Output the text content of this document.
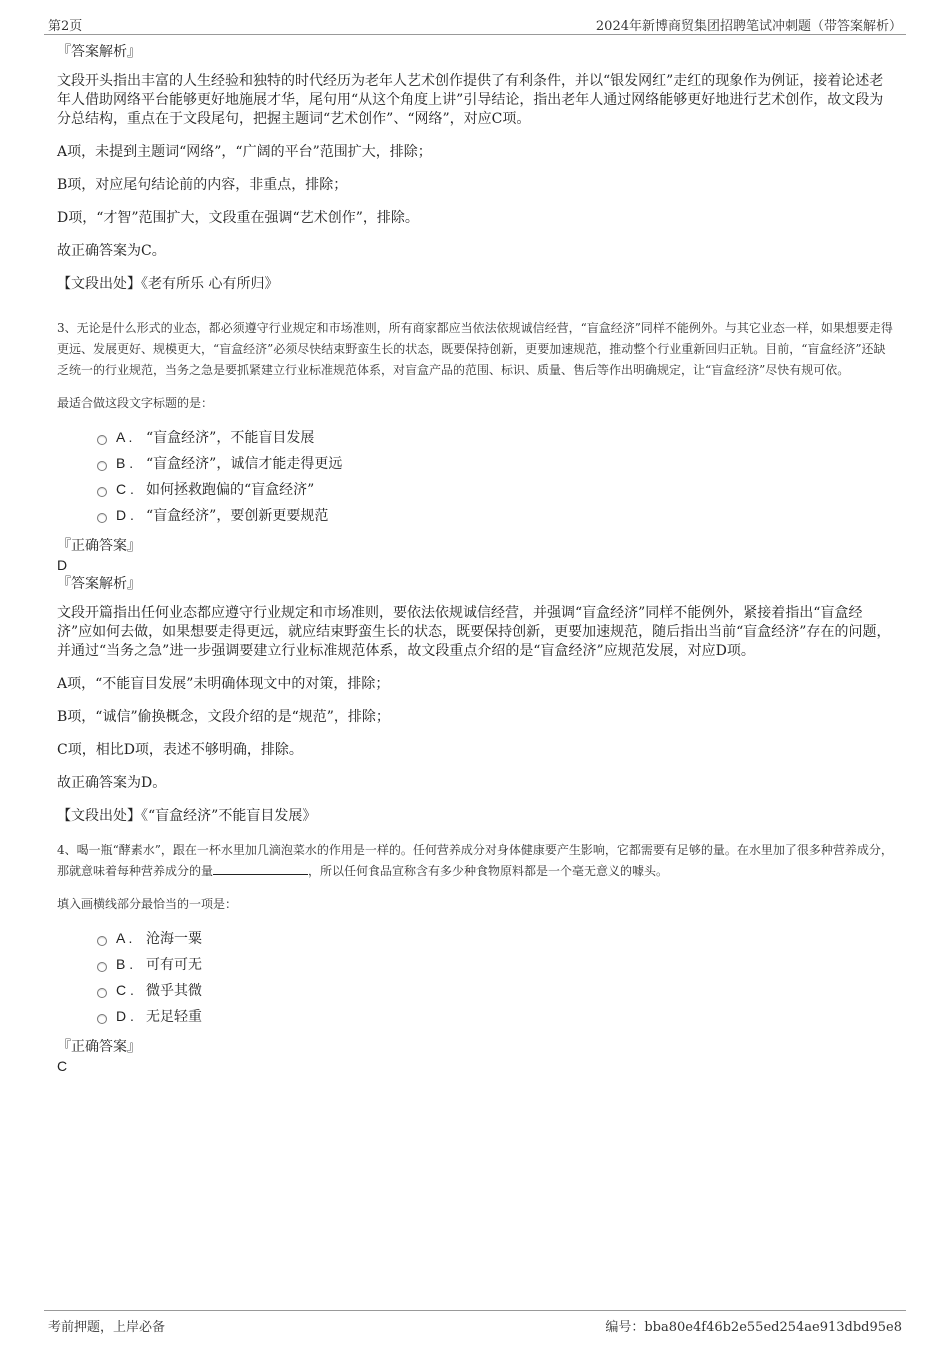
第2页	2024年新博商贸集团招聘笔试冲刺题（带答案解析）

『答案解析』

文段开头指出丰富的人生经验和独特的时代经历为老年人艺术创作提供了有利条件，并以“银发网红”走红的现象作为例证，接着论述老年人借助网络平台能够更好地施展才华，尾句用“从这个角度上讲”引导结论，指出老年人通过网络能够更好地进行艺术创作，故文段为分总结构，重点在于文段尾句，把握主题词“艺术创作”、“网络”，对应C项。

A项，未提到主题词“网络”，“广阔的平台”范围扩大，排除；

B项，对应尾句结论前的内容，非重点，排除；

D项，“才智”范围扩大，文段重在强调“艺术创作”，排除。

故正确答案为C。

【文段出处】《老有所乐 心有所归》

3、无论是什么形式的业态，都必须遵守行业规定和市场准则，所有商家都应当依法依规诚信经营，“盲盒经济”同样不能例外。与其它业态一样，如果想要走得更远、发展更好、规模更大，“盲盒经济”必须尽快结束野蛮生长的状态，既要保持创新，更要加速规范，推动整个行业重新回归正轨。目前，“盲盒经济”还缺乏统一的行业规范，当务之急是要抓紧建立行业标准规范体系，对盲盒产品的范围、标识、质量、售后等作出明确规定，让“盲盒经济”尽快有规可依。

最适合做这段文字标题的是：

A . “盲盒经济”，不能盲目发展
B . “盲盒经济”，诚信才能走得更远
C . 如何拯救跑偏的“盲盒经济”
D . “盲盒经济”，要创新更要规范

『正确答案』

D

『答案解析』

文段开篇指出任何业态都应遵守行业规定和市场准则，要依法依规诚信经营，并强调“盲盒经济”同样不能例外，紧接着指出“盲盒经济”应如何去做，如果想要走得更远，就应结束野蛮生长的状态，既要保持创新，更要加速规范，随后指出当前“盲盒经济”存在的问题，并通过“当务之急”进一步强调要建立行业标准规范体系，故文段重点介绍的是“盲盒经济”应规范发展，对应D项。

A项，“不能盲目发展”未明确体现文中的对策，排除；

B项，“诚信”偷换概念，文段介绍的是“规范”，排除；

C项，相比D项，表述不够明确，排除。

故正确答案为D。

【文段出处】《“盲盒经济”不能盲目发展》

4、喝一瓶“酵素水”，跟在一杯水里加几滴泡菜水的作用是一样的。任何营养成分对身体健康要产生影响，它都需要有足够的量。在水里加了很多种营养成分，那就意味着每种营养成分的量	，所以任何食品宣称含有多少种食物原料都是一个毫无意义的噱头。

填入画横线部分最恰当的一项是：

A . 沧海一粟
B . 可有可无
C . 微乎其微
D . 无足轻重

『正确答案』

C

考前押题，上岸必备	编号：bba80e4f46b2e55ed254ae913dbd95e8
